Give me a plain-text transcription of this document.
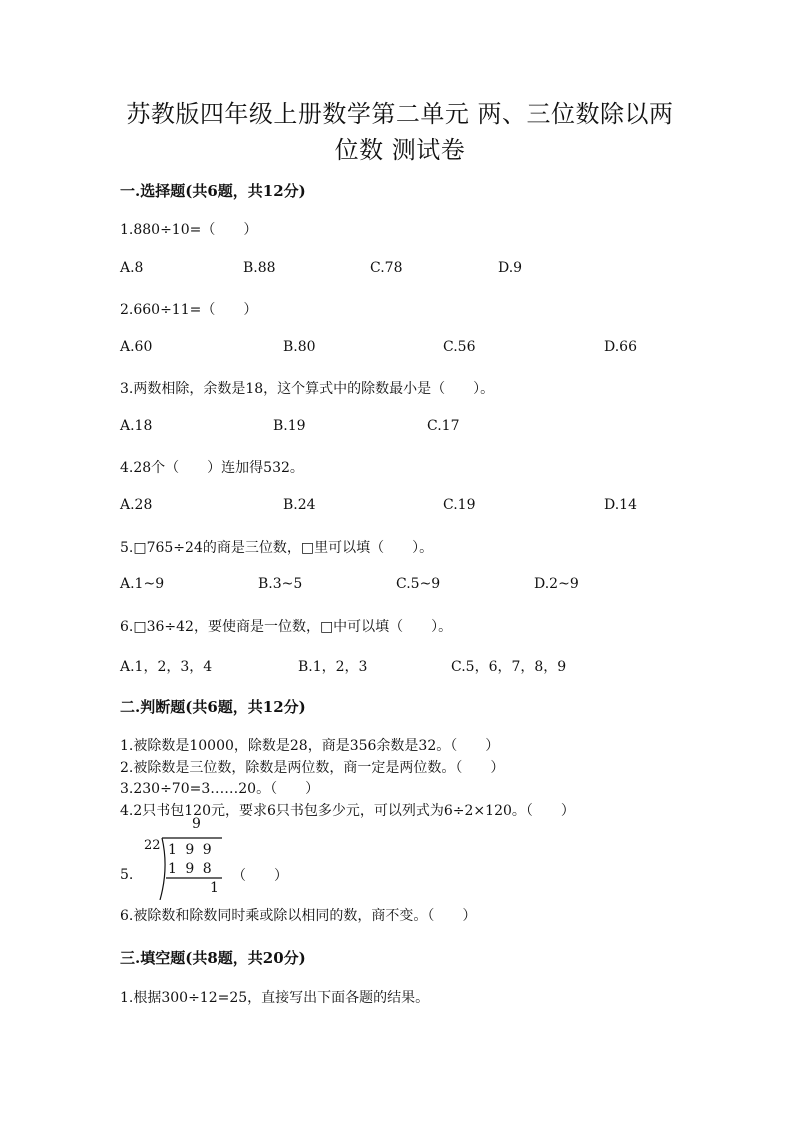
苏教版四年级上册数学第二单元 两、三位数除以两
位数 测试卷
一.选择题(共6题，共12分)
1.880÷10=（　　）
A.8	B.88	C.78	D.9
2.660÷11=（　　）
A.60	B.80	C.56	D.66
3.两数相除，余数是18，这个算式中的除数最小是（　　）。
A.18	B.19	C.17
4.28个（　　）连加得532。
A.28	B.24	C.19	D.14
5.□765÷24的商是三位数，□里可以填（　　）。
A.1~9	B.3~5	C.5~9	D.2~9
6.□36÷42，要使商是一位数，□中可以填（　　）。
A.1，2，3，4	B.1，2，3	C.5，6，7，8，9
二.判断题(共6题，共12分)
1.被除数是10000，除数是28，商是356余数是32。（　　）
2.被除数是三位数，除数是两位数，商一定是两位数。（　　）
3.230÷70=3……20。（　　）
4.2只书包120元，要求6只书包多少元，可以列式为6÷2×120。（　　）
5.
9
22 1 9 9
1 9 8
1
（　　）
6.被除数和除数同时乘或除以相同的数，商不变。（　　）
三.填空题(共8题，共20分)
1.根据300÷12=25，直接写出下面各题的结果。
